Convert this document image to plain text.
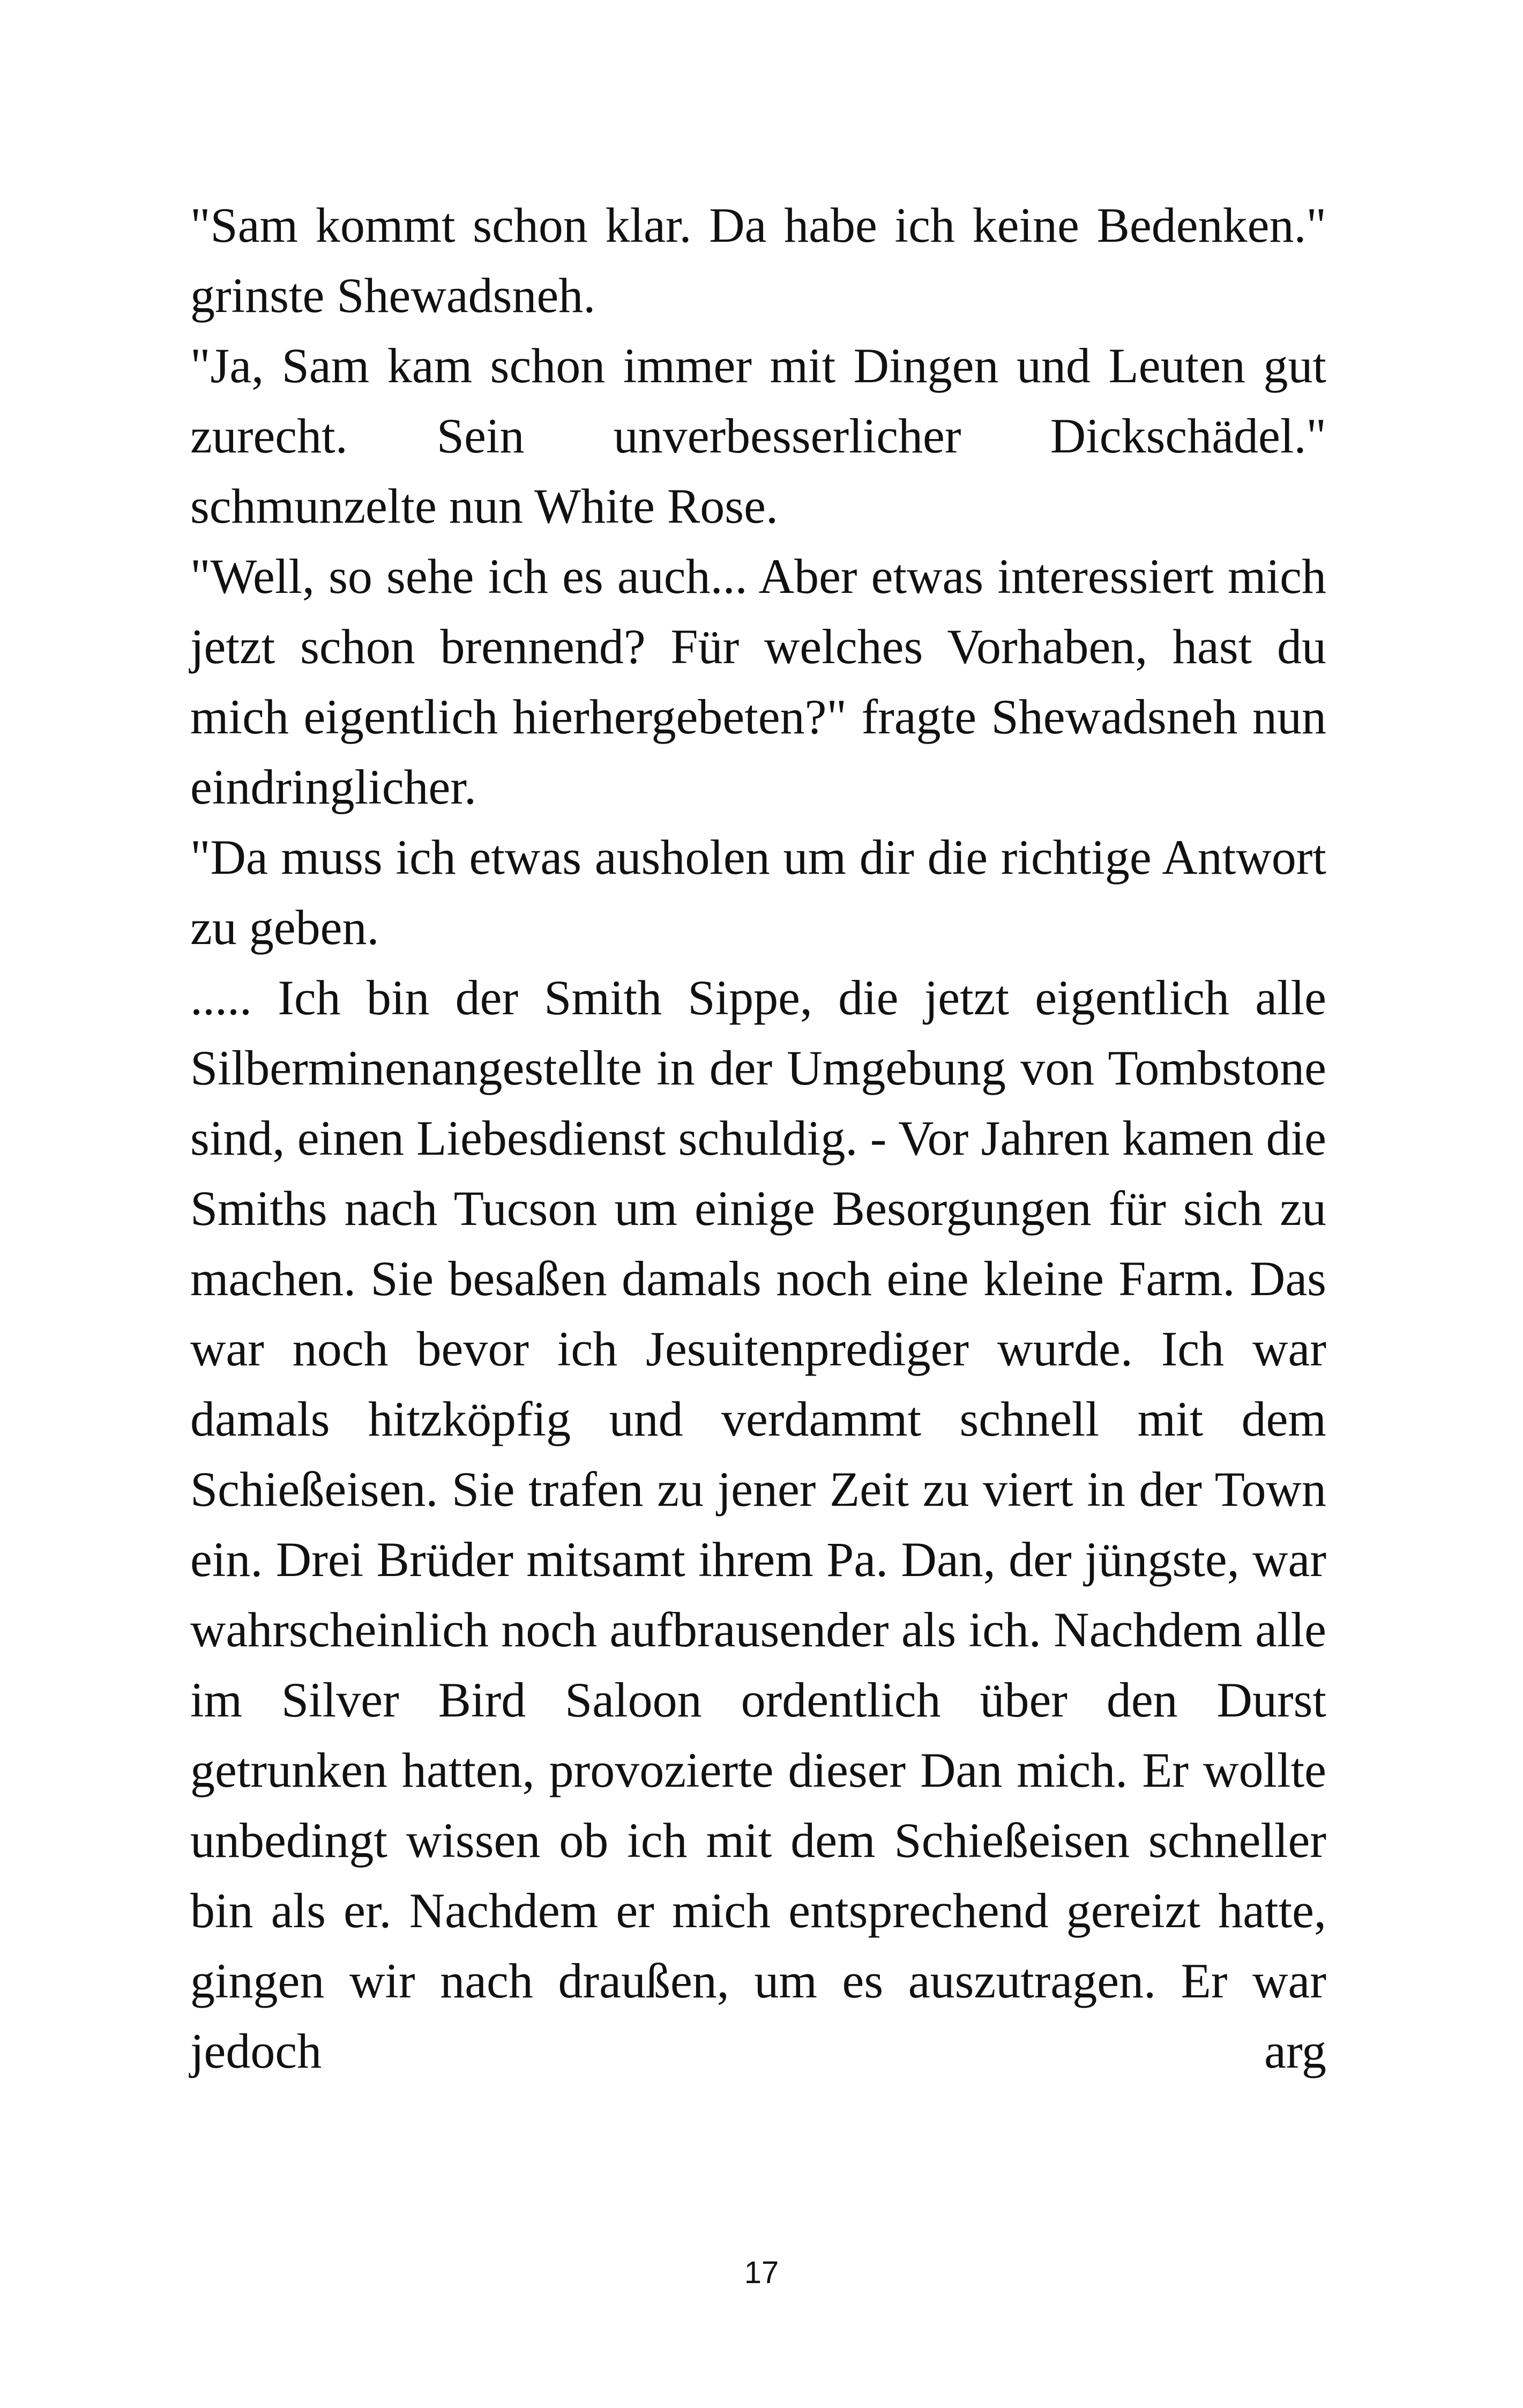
"Sam kommt schon klar. Da habe ich keine Bedenken." grinste Shewadsneh.

"Ja, Sam kam schon immer mit Dingen und Leuten gut zurecht. Sein unverbesserlicher Dickschädel." schmunzelte nun White Rose.

"Well, so sehe ich es auch... Aber etwas interessiert mich jetzt schon brennend? Für welches Vorhaben, hast du mich eigentlich hierhergebeten?" fragte Shewadsneh nun eindringlicher.

"Da muss ich etwas ausholen um dir die richtige Antwort zu geben.

..... Ich bin der Smith Sippe, die jetzt eigentlich alle Silberminenangestellte in der Umgebung von Tombstone sind, einen Liebesdienst schuldig. - Vor Jahren kamen die Smiths nach Tucson um einige Besorgungen für sich zu machen. Sie besaßen damals noch eine kleine Farm. Das war noch bevor ich Jesuitenprediger wurde. Ich war damals hitzköpfig und verdammt schnell mit dem Schießeisen. Sie trafen zu jener Zeit zu viert in der Town ein. Drei Brüder mitsamt ihrem Pa. Dan, der jüngste, war wahrscheinlich noch aufbrausender als ich. Nachdem alle im Silver Bird Saloon ordentlich über den Durst getrunken hatten, provozierte dieser Dan mich. Er wollte unbedingt wissen ob ich mit dem Schießeisen schneller bin als er. Nachdem er mich entsprechend gereizt hatte, gingen wir nach draußen, um es auszutragen. Er war jedoch arg

17
